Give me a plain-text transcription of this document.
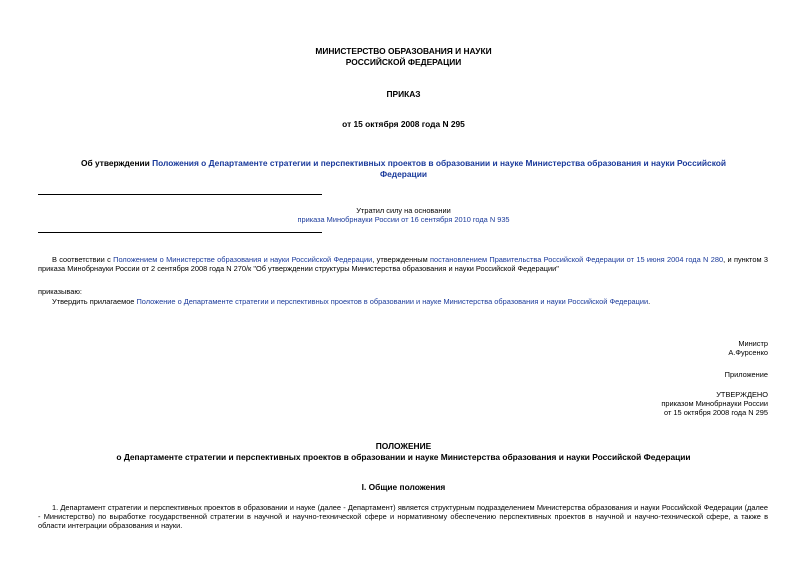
МИНИСТЕРСТВО ОБРАЗОВАНИЯ И НАУКИ
РОССИЙСКОЙ ФЕДЕРАЦИИ
ПРИКАЗ
от 15 октября 2008 года N 295
Об утверждении Положения о Департаменте стратегии и перспективных проектов в образовании и науке Министерства образования и науки Российской Федерации
Утратил силу на основании
приказа Минобрнауки России от 16 сентября 2010 года N 935
В соответствии с Положением о Министерстве образования и науки Российской Федерации, утвержденным постановлением Правительства Российской Федерации от 15 июня 2004 года N 280, и пунктом 3 приказа Минобрнауки России от 2 сентября 2008 года N 270/к "Об утверждении структуры Министерства образования и науки Российской Федерации"
приказываю:
Утвердить прилагаемое Положение о Департаменте стратегии и перспективных проектов в образовании и науке Министерства образования и науки Российской Федерации.
Министр
А.Фурсенко
Приложение
УТВЕРЖДЕНО
приказом Минобрнауки России
от 15 октября 2008 года N 295
ПОЛОЖЕНИЕ
о Департаменте стратегии и перспективных проектов в образовании и науке Министерства образования и науки Российской Федерации
I. Общие положения
1. Департамент стратегии и перспективных проектов в образовании и науке (далее - Департамент) является структурным подразделением Министерства образования и науки Российской Федерации (далее - Министерство) по выработке государственной стратегии в научной и научно-технической сфере и нормативному обеспечению перспективных проектов в научной и научно-технической сфере, а также в области интеграции образования и науки.
